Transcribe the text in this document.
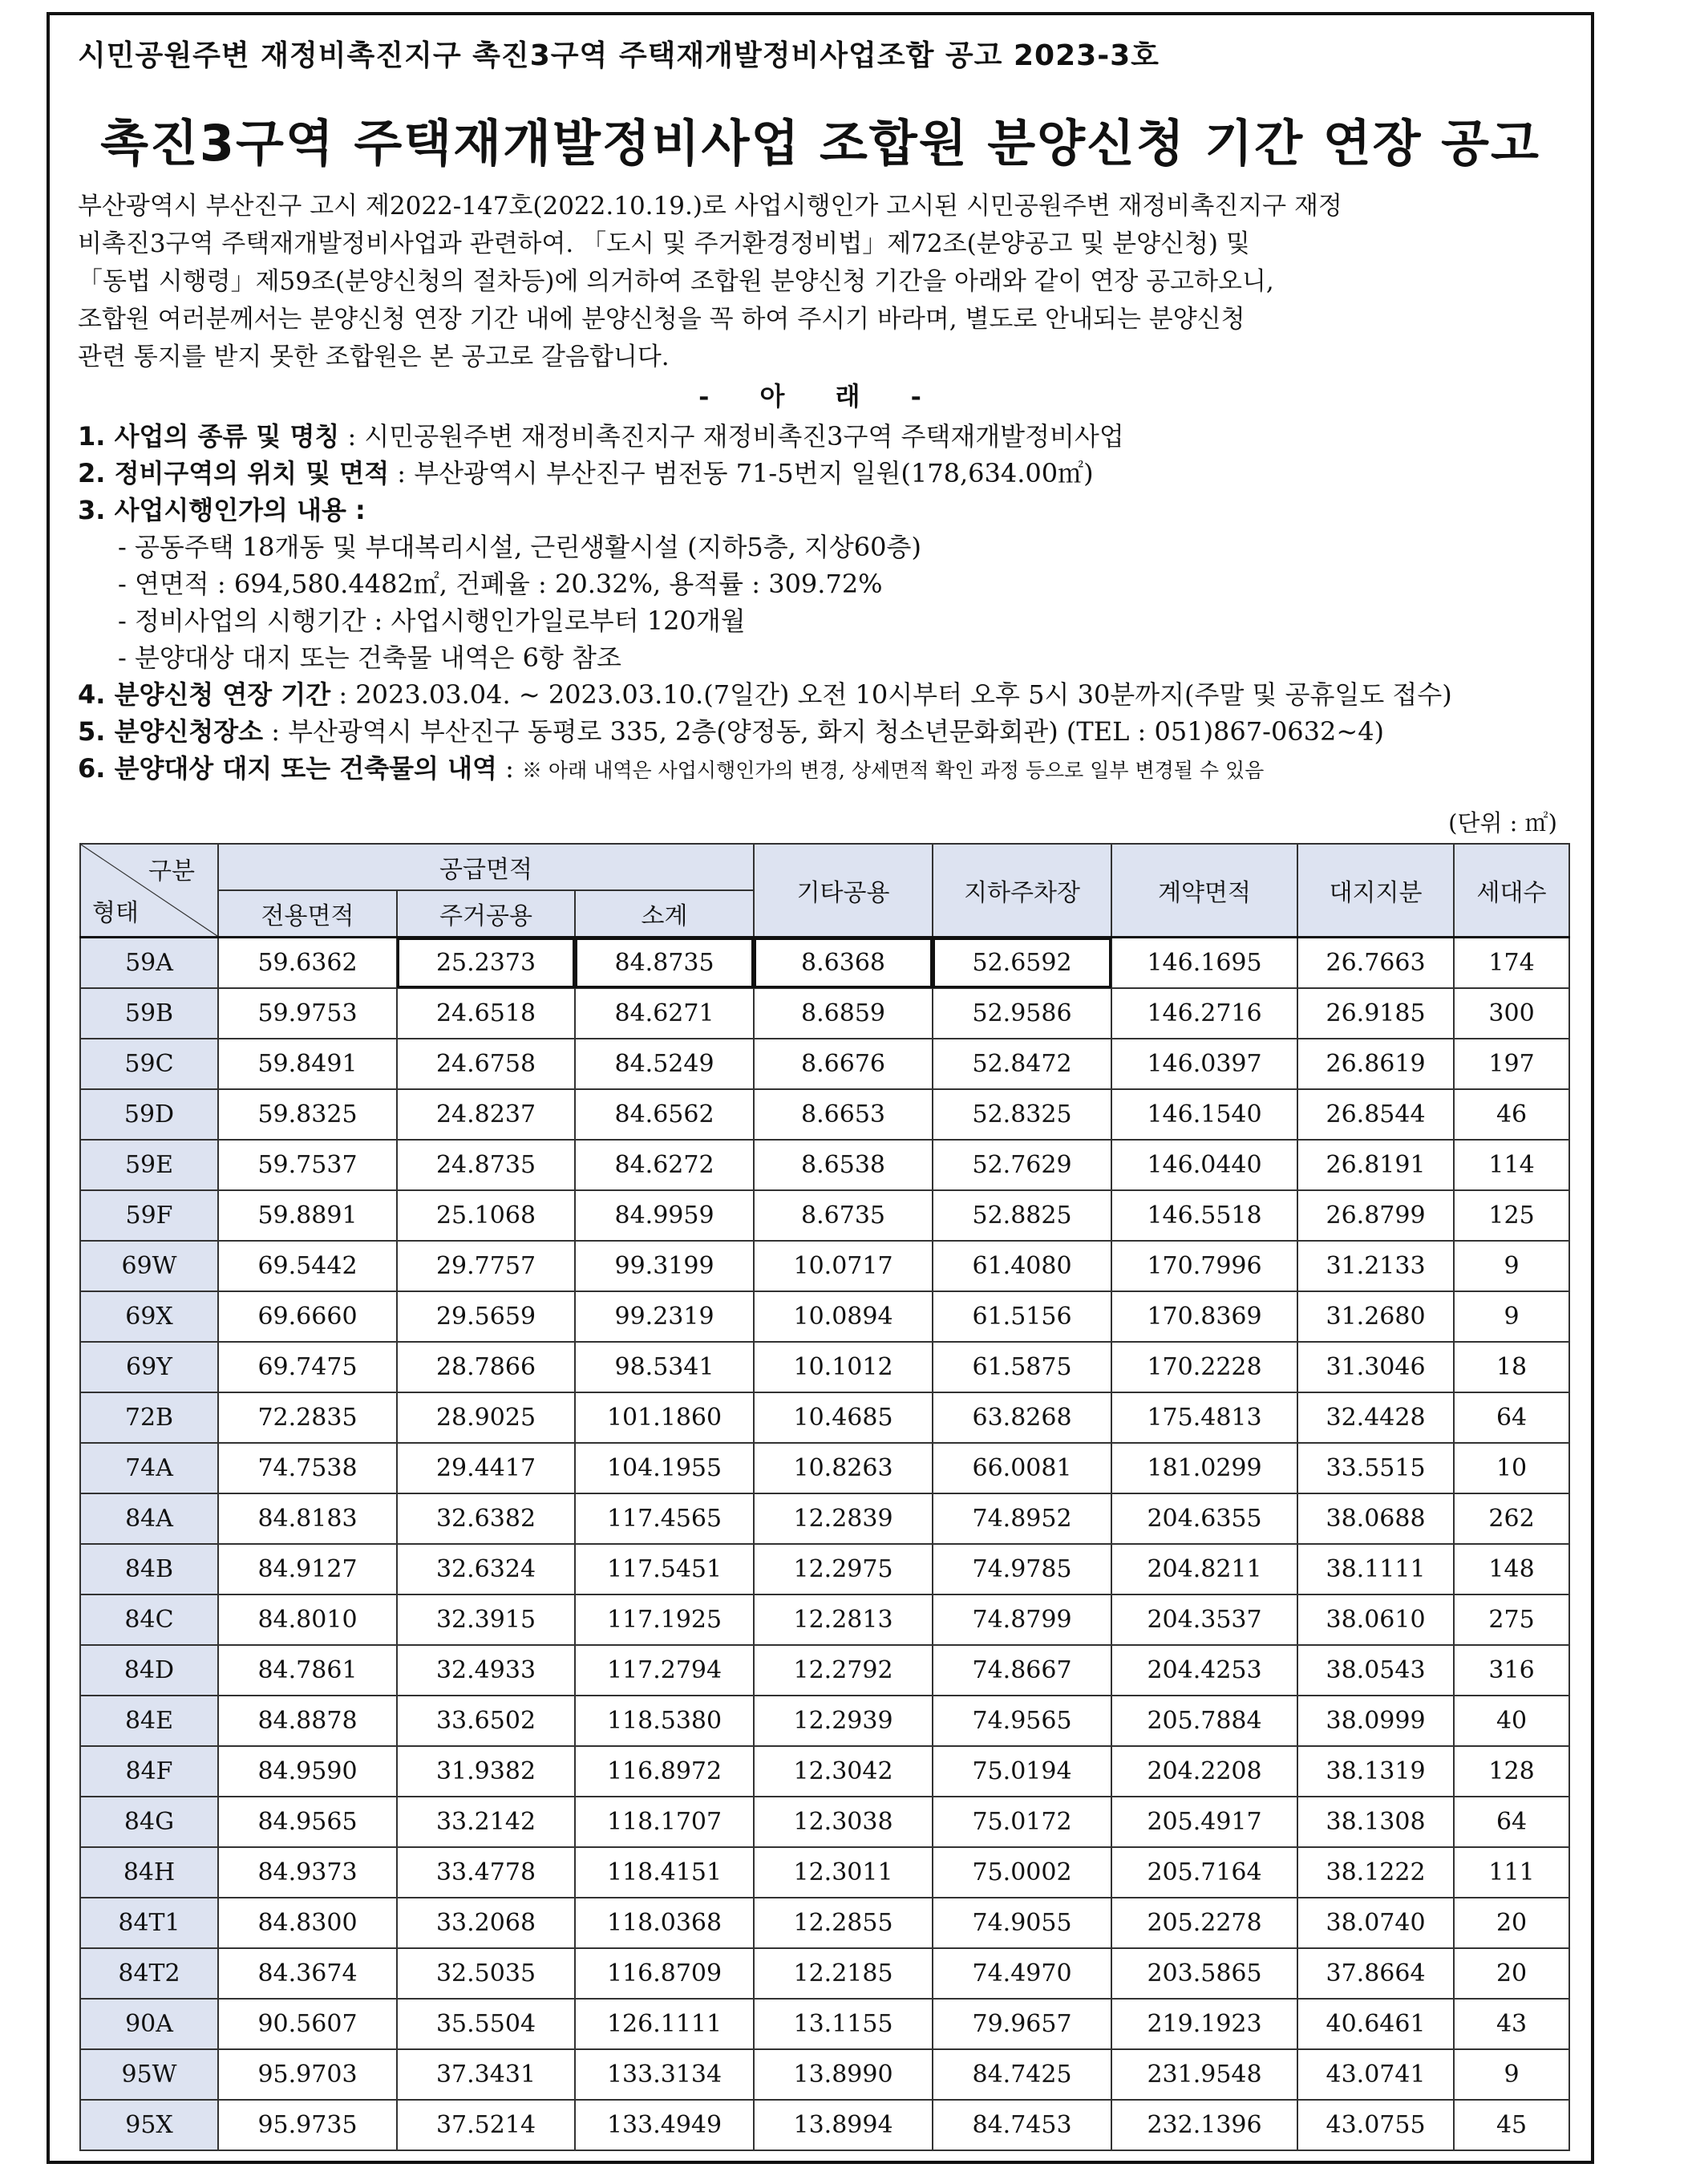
시민공원주변 재정비촉진지구 촉진3구역 주택재개발정비사업조합 공고 2023-3호
촉진3구역 주택재개발정비사업 조합원 분양신청 기간 연장 공고
부산광역시 부산진구 고시 제2022-147호(2022.10.19.)로 사업시행인가 고시된 시민공원주변 재정비촉진지구 재정
비촉진3구역 주택재개발정비사업과 관련하여. 「도시 및 주거환경정비법」제72조(분양공고 및 분양신청) 및
「동법 시행령」제59조(분양신청의 절차등)에 의거하여 조합원 분양신청 기간을 아래와 같이 연장 공고하오니,
조합원 여러분께서는 분양신청 연장 기간 내에 분양신청을 꼭 하여 주시기 바라며, 별도로 안내되는 분양신청
관련 통지를 받지 못한 조합원은 본 공고로 갈음합니다.
- 아 래 -
1. 사업의 종류 및 명칭 : 시민공원주변 재정비촉진지구 재정비촉진3구역 주택재개발정비사업
2. 정비구역의 위치 및 면적 : 부산광역시 부산진구 범전동 71-5번지 일원(178,634.00㎡)
3. 사업시행인가의 내용 :
- 공동주택 18개동 및 부대복리시설, 근린생활시설 (지하5층, 지상60층)
- 연면적 : 694,580.4482㎡, 건폐율 : 20.32%, 용적률 : 309.72%
- 정비사업의 시행기간 : 사업시행인가일로부터 120개월
- 분양대상 대지 또는 건축물 내역은 6항 참조
4. 분양신청 연장 기간 : 2023.03.04. ~ 2023.03.10.(7일간) 오전 10시부터 오후 5시 30분까지(주말 및 공휴일도 접수)
5. 분양신청장소 : 부산광역시 부산진구 동평로 335, 2층(양정동, 화지 청소년문화회관) (TEL : 051)867-0632~4)
6. 분양대상 대지 또는 건축물의 내역 : ※ 아래 내역은 사업시행인가의 변경, 상세면적 확인 과정 등으로 일부 변경될 수 있음
(단위 : ㎡)
구분
형태	공급면적			기타공용	지하주차장	계약면적	대지지분	세대수
	전용면적	주거공용	소계					
59A	59.6362	25.2373	84.8735	8.6368	52.6592	146.1695	26.7663	174
59B	59.9753	24.6518	84.6271	8.6859	52.9586	146.2716	26.9185	300
59C	59.8491	24.6758	84.5249	8.6676	52.8472	146.0397	26.8619	197
59D	59.8325	24.8237	84.6562	8.6653	52.8325	146.1540	26.8544	46
59E	59.7537	24.8735	84.6272	8.6538	52.7629	146.0440	26.8191	114
59F	59.8891	25.1068	84.9959	8.6735	52.8825	146.5518	26.8799	125
69W	69.5442	29.7757	99.3199	10.0717	61.4080	170.7996	31.2133	9
69X	69.6660	29.5659	99.2319	10.0894	61.5156	170.8369	31.2680	9
69Y	69.7475	28.7866	98.5341	10.1012	61.5875	170.2228	31.3046	18
72B	72.2835	28.9025	101.1860	10.4685	63.8268	175.4813	32.4428	64
74A	74.7538	29.4417	104.1955	10.8263	66.0081	181.0299	33.5515	10
84A	84.8183	32.6382	117.4565	12.2839	74.8952	204.6355	38.0688	262
84B	84.9127	32.6324	117.5451	12.2975	74.9785	204.8211	38.1111	148
84C	84.8010	32.3915	117.1925	12.2813	74.8799	204.3537	38.0610	275
84D	84.7861	32.4933	117.2794	12.2792	74.8667	204.4253	38.0543	316
84E	84.8878	33.6502	118.5380	12.2939	74.9565	205.7884	38.0999	40
84F	84.9590	31.9382	116.8972	12.3042	75.0194	204.2208	38.1319	128
84G	84.9565	33.2142	118.1707	12.3038	75.0172	205.4917	38.1308	64
84H	84.9373	33.4778	118.4151	12.3011	75.0002	205.7164	38.1222	111
84T1	84.8300	33.2068	118.0368	12.2855	74.9055	205.2278	38.0740	20
84T2	84.3674	32.5035	116.8709	12.2185	74.4970	203.5865	37.8664	20
90A	90.5607	35.5504	126.1111	13.1155	79.9657	219.1923	40.6461	43
95W	95.9703	37.3431	133.3134	13.8990	84.7425	231.9548	43.0741	9
95X	95.9735	37.5214	133.4949	13.8994	84.7453	232.1396	43.0755	45
